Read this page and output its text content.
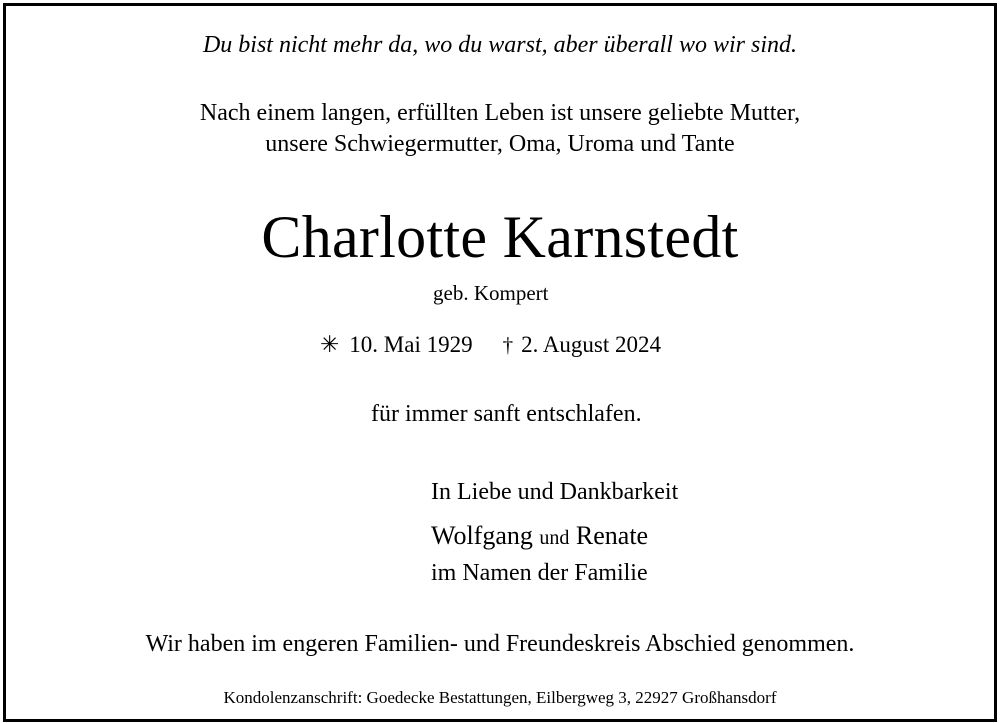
Du bist nicht mehr da, wo du warst, aber überall wo wir sind.
Nach einem langen, erfüllten Leben ist unsere geliebte Mutter,
unsere Schwiegermutter, Oma, Uroma und Tante
Charlotte Karnstedt
geb. Kompert
✳ 10. Mai 1929 † 2. August 2024
für immer sanft entschlafen.
In Liebe und Dankbarkeit
Wolfgang und Renate
im Namen der Familie
Wir haben im engeren Familien- und Freundeskreis Abschied genommen.
Kondolenzanschrift: Goedecke Bestattungen, Eilbergweg 3, 22927 Großhansdorf
